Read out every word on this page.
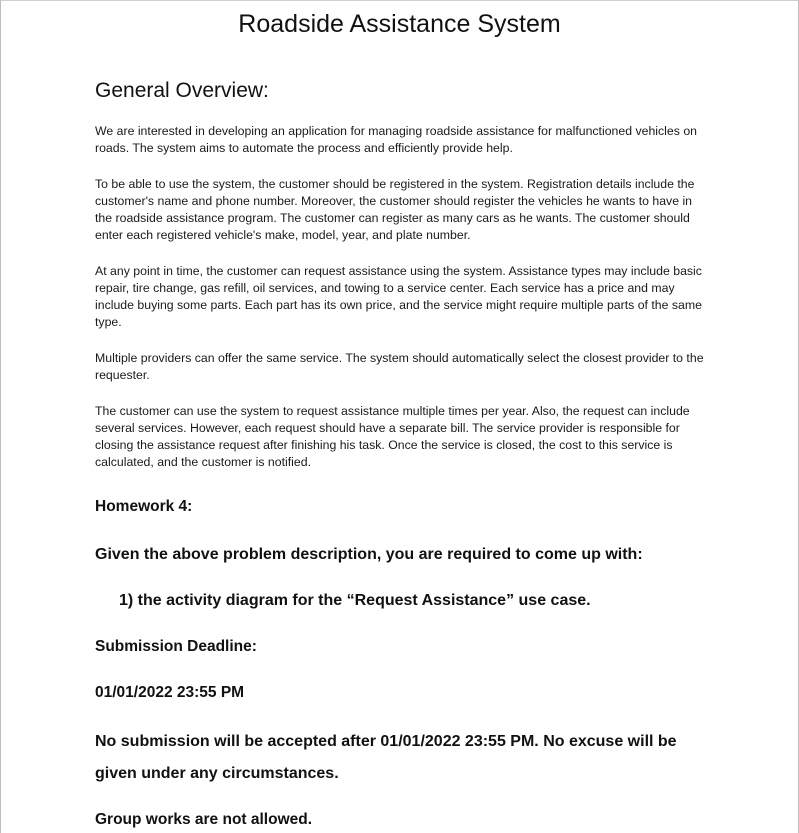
Roadside Assistance System
General Overview:

We are interested in developing an application for managing roadside assistance for malfunctioned vehicles on roads. The system aims to automate the process and efficiently provide help.

To be able to use the system, the customer should be registered in the system. Registration details include the customer's name and phone number. Moreover, the customer should register the vehicles he wants to have in the roadside assistance program. The customer can register as many cars as he wants. The customer should enter each registered vehicle's make, model, year, and plate number.

At any point in time, the customer can request assistance using the system. Assistance types may include basic repair, tire change, gas refill, oil services, and towing to a service center. Each service has a price and may include buying some parts. Each part has its own price, and the service might require multiple parts of the same type.

Multiple providers can offer the same service. The system should automatically select the closest provider to the requester.

The customer can use the system to request assistance multiple times per year. Also, the request can include several services. However, each request should have a separate bill. The service provider is responsible for closing the assistance request after finishing his task. Once the service is closed, the cost to this service is calculated, and the customer is notified.

Homework 4:
Given the above problem description, you are required to come up with:
1) the activity diagram for the “Request Assistance” use case.
Submission Deadline:
01/01/2022 23:55 PM
No submission will be accepted after 01/01/2022 23:55 PM. No excuse will be
given under any circumstances.
Group works are not allowed.
